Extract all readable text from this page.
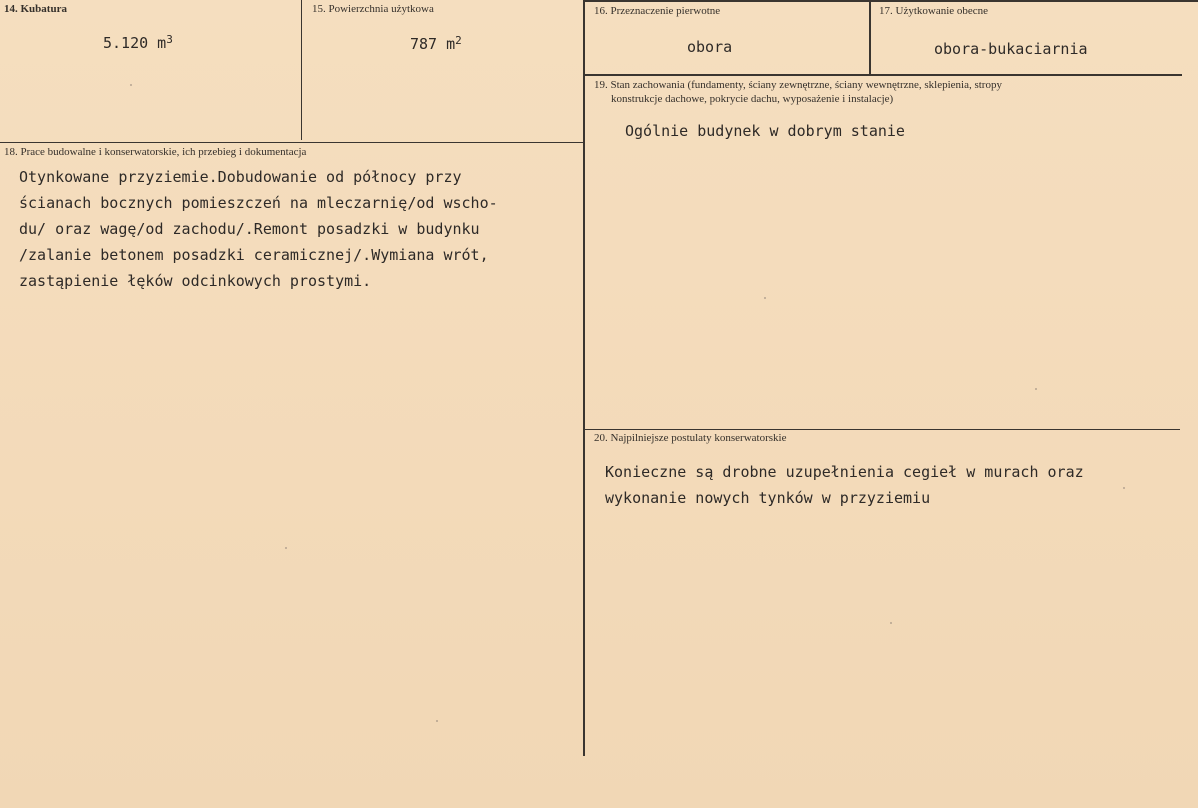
14. Kubatura
5.120 $m^3$
15. Powierzchnia użytkowa
787 $m^2$
16. Przeznaczenie pierwotne
obora
17. Użytkowanie obecne
obora-bukaciarnia
18. Prace budowalne i konserwatorskie, ich przebieg i dokumentacja
Otynkowane przyziemie.Dobudowanie od północy przy
ścianach bocznych pomieszczeń na mleczarnię/od wscho-
du/ oraz wagę/od zachodu/.Remont posadzki w budynku
/zalanie betonem posadzki ceramicznej/.Wymiana wrót,
zastąpienie łęków odcinkowych prostymi.
19. Stan zachowania (fundamenty, ściany zewnętrzne, ściany wewnętrzne, sklepienia, stropy
konstrukcje dachowe, pokrycie dachu, wyposażenie i instalacje)
Ogólnie budynek w dobrym stanie
20. Najpilniejsze postulaty konserwatorskie
Konieczne są drobne uzupełnienia cegieł w murach oraz
wykonanie nowych tynków w przyziemiu
